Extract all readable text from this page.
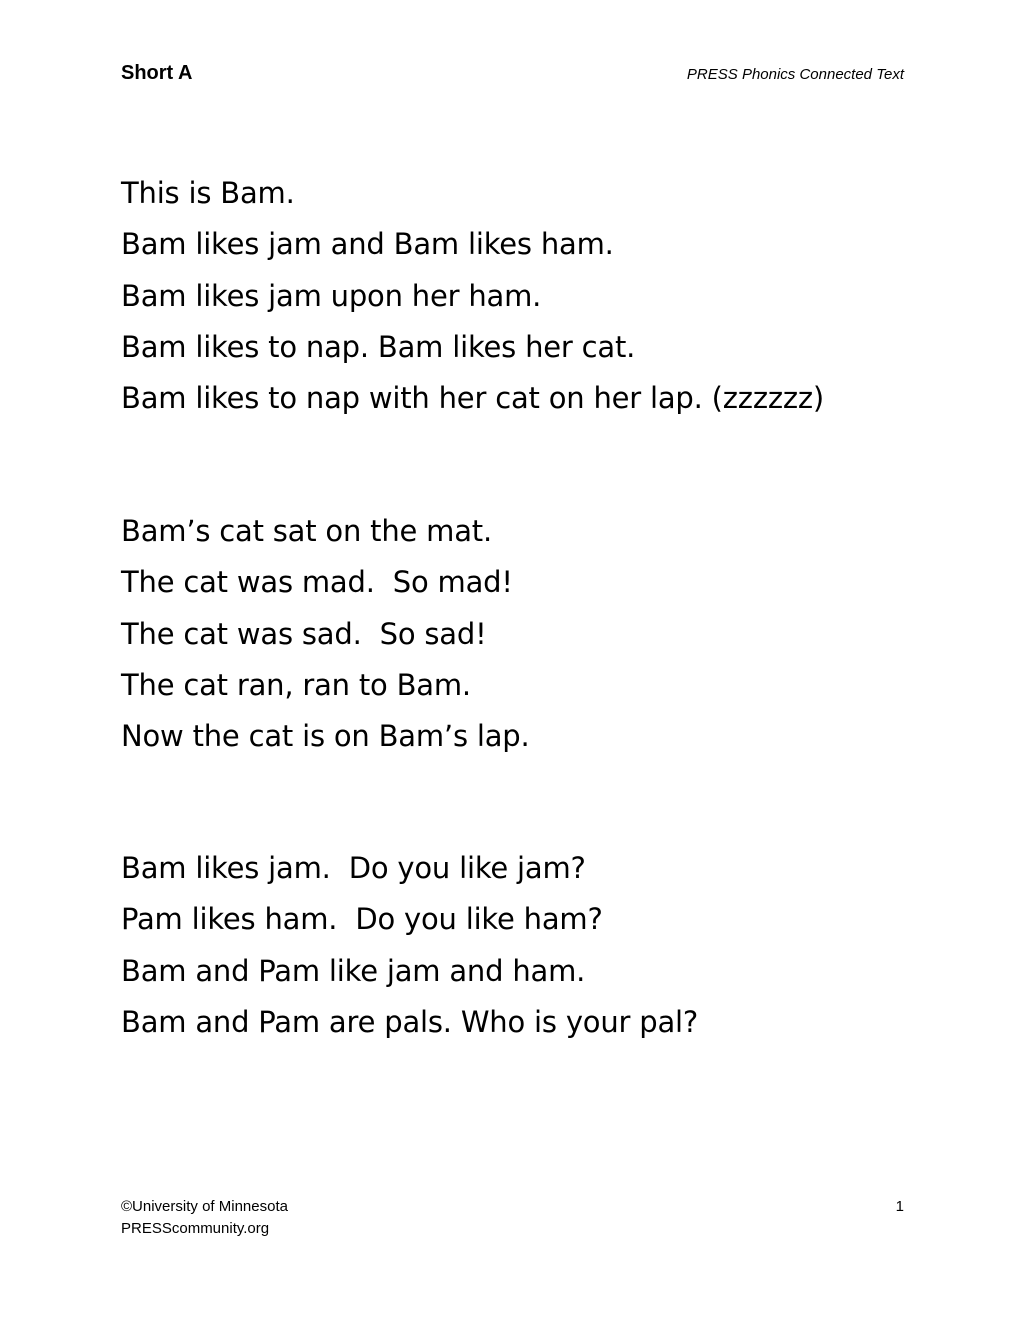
Short A	PRESS Phonics Connected Text
This is Bam.
Bam likes jam and Bam likes ham.
Bam likes jam upon her ham.
Bam likes to nap. Bam likes her cat.
Bam likes to nap with her cat on her lap. (zzzzzz)
Bam’s cat sat on the mat.
The cat was mad.  So mad!
The cat was sad.  So sad!
The cat ran, ran to Bam.
Now the cat is on Bam’s lap.
Bam likes jam.  Do you like jam?
Pam likes ham.  Do you like ham?
Bam and Pam like jam and ham.
Bam and Pam are pals. Who is your pal?
©University of Minnesota
PRESScommunity.org
1
